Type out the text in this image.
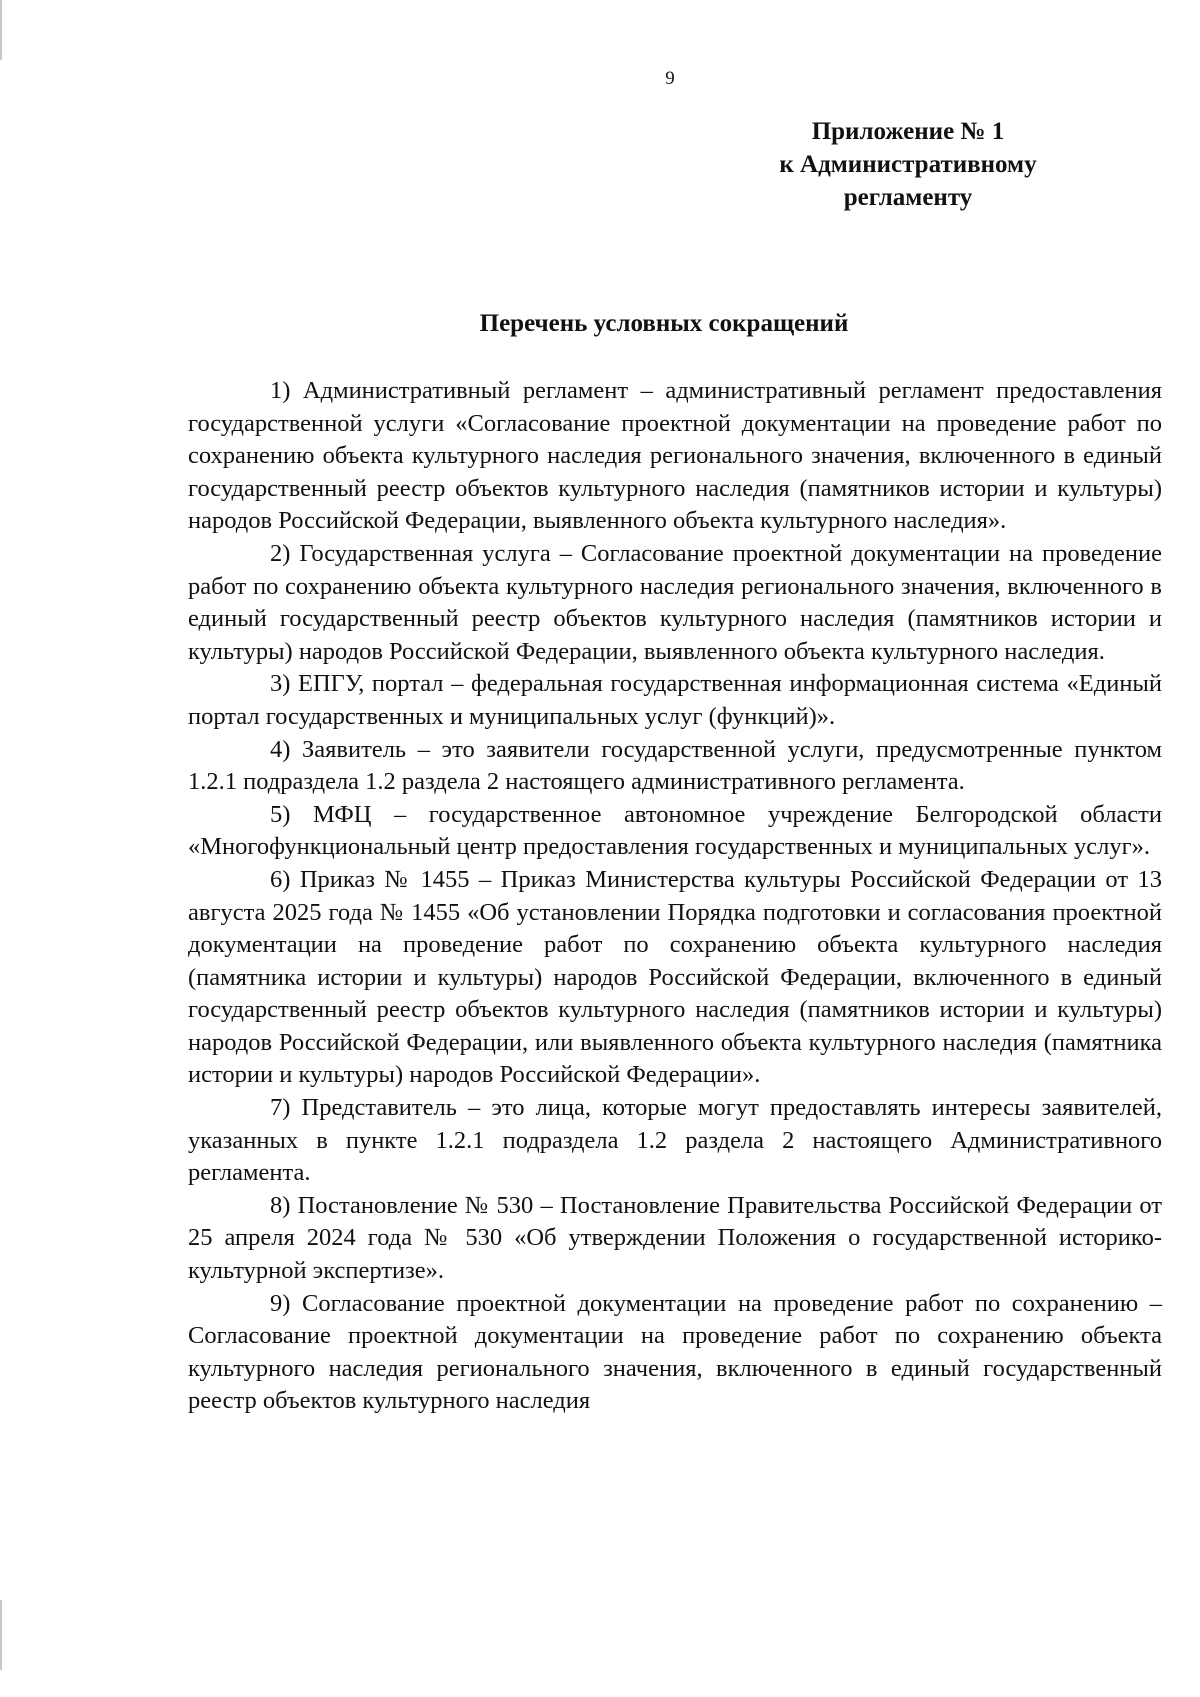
9
Приложение № 1
к Административному
регламенту
Перечень условных сокращений

1) Административный регламент – административный регламент предоставления государственной услуги «Согласование проектной документации на проведение работ по сохранению объекта культурного наследия регионального значения, включенного в единый государственный реестр объектов культурного наследия (памятников истории и культуры) народов Российской Федерации, выявленного объекта культурного наследия».

2) Государственная услуга – Согласование проектной документации на проведение работ по сохранению объекта культурного наследия регионального значения, включенного в единый государственный реестр объектов культурного наследия (памятников истории и культуры) народов Российской Федерации, выявленного объекта культурного наследия.

3) ЕПГУ, портал – федеральная государственная информационная система «Единый портал государственных и муниципальных услуг (функций)».

4) Заявитель – это заявители государственной услуги, предусмотренные пунктом 1.2.1 подраздела 1.2 раздела 2 настоящего административного регламента.

5) МФЦ – государственное автономное учреждение Белгородской области «Многофункциональный центр предоставления государственных и муниципальных услуг».

6) Приказ № 1455 – Приказ Министерства культуры Российской Федерации от 13 августа 2025 года № 1455 «Об установлении Порядка подготовки и согласования проектной документации на проведение работ по сохранению объекта культурного наследия (памятника истории и культуры) народов Российской Федерации, включенного в единый государственный реестр объектов культурного наследия (памятников истории и культуры) народов Российской Федерации, или выявленного объекта культурного наследия (памятника истории и культуры) народов Российской Федерации».

7) Представитель – это лица, которые могут предоставлять интересы заявителей, указанных в пункте 1.2.1 подраздела 1.2 раздела 2 настоящего Административного регламента.

8) Постановление № 530 – Постановление Правительства Российской Федерации от 25 апреля 2024 года № 530 «Об утверждении Положения о государственной историко-культурной экспертизе».

9) Согласование проектной документации на проведение работ по сохранению – Согласование проектной документации на проведение работ по сохранению объекта культурного наследия регионального значения, включенного в единый государственный реестр объектов культурного наследия
